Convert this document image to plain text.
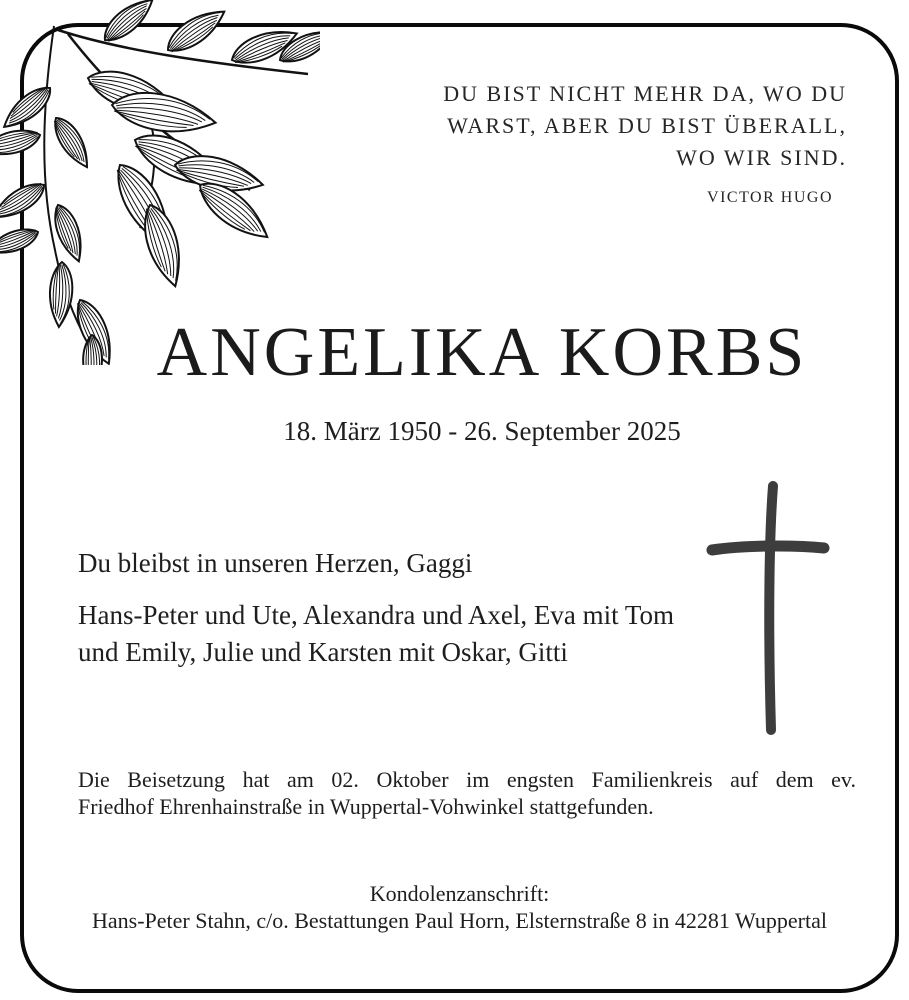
DU BIST NICHT MEHR DA, WO DU
WARST, ABER DU BIST ÜBERALL,
WO WIR SIND.
VICTOR HUGO
ANGELIKA KORBS
18. März 1950 - 26. September 2025
Du bleibst in unseren Herzen, Gaggi
Hans-Peter und Ute, Alexandra und Axel, Eva mit Tom
und Emily, Julie und Karsten mit Oskar, Gitti
Die Beisetzung hat am 02. Oktober im engsten Familienkreis auf dem ev.
Friedhof Ehrenhainstraße in Wuppertal-Vohwinkel stattgefunden.
Kondolenzanschrift:
Hans-Peter Stahn, c/o. Bestattungen Paul Horn, Elsternstraße 8 in 42281 Wuppertal
